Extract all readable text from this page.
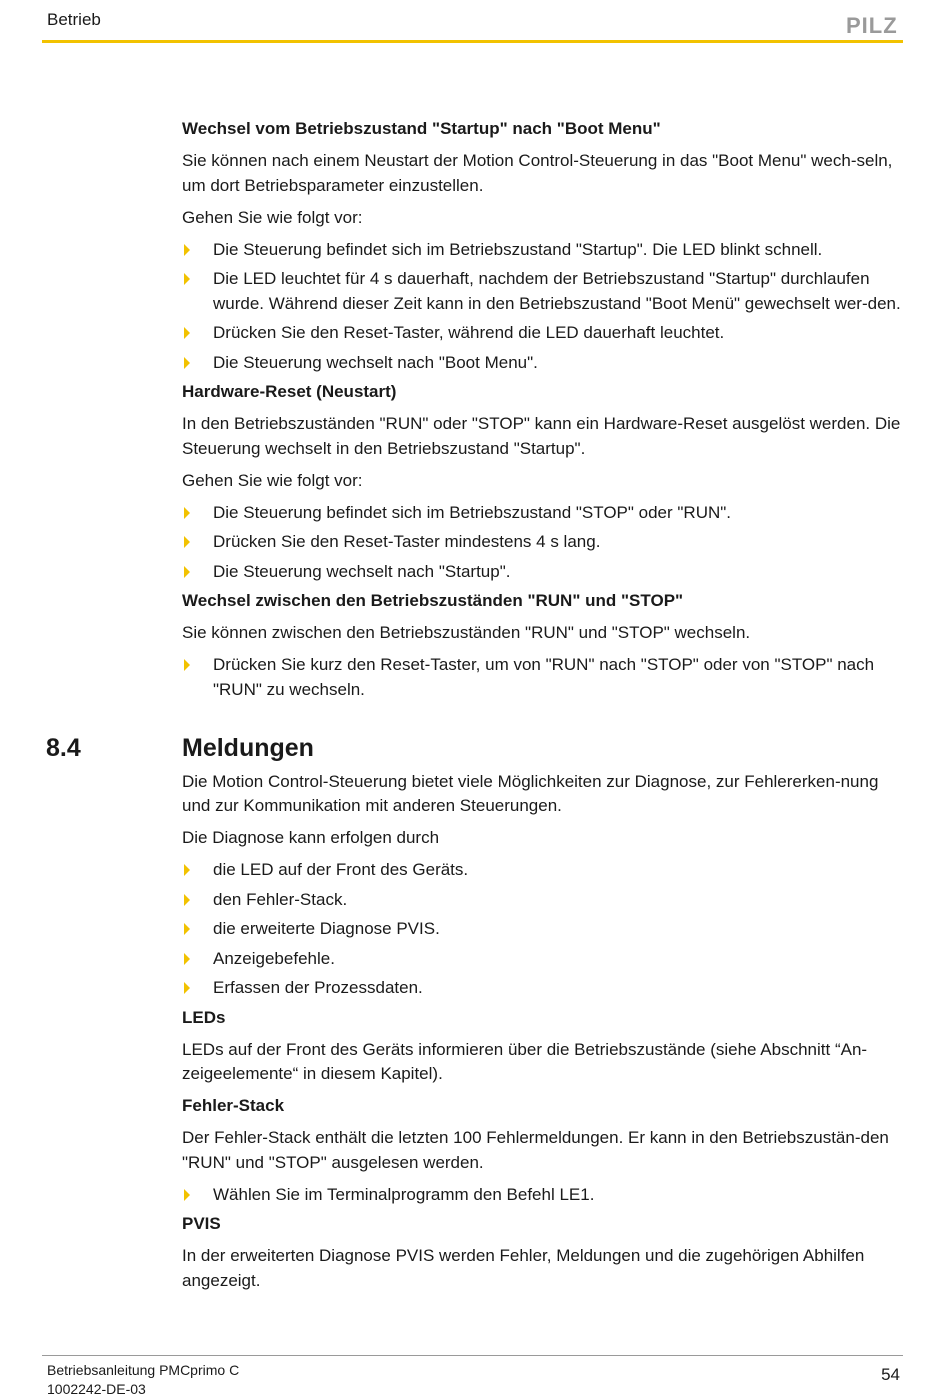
Betrieb	PILZ
Wechsel vom Betriebszustand "Startup" nach "Boot Menu"

Sie können nach einem Neustart der Motion Control-Steuerung in das "Boot Menu" wech-seln, um dort Betriebsparameter einzustellen.

Gehen Sie wie folgt vor:

Die Steuerung befindet sich im Betriebszustand "Startup". Die LED blinkt schnell.
Die LED leuchtet für 4 s dauerhaft, nachdem der Betriebszustand "Startup" durchlaufen wurde. Während dieser Zeit kann in den Betriebszustand "Boot Menü" gewechselt wer-den.
Drücken Sie den Reset-Taster, während die LED dauerhaft leuchtet.
Die Steuerung wechselt nach "Boot Menu".
Hardware-Reset (Neustart)

In den Betriebszuständen "RUN" oder "STOP" kann ein Hardware-Reset ausgelöst werden. Die Steuerung wechselt in den Betriebszustand "Startup".

Gehen Sie wie folgt vor:

Die Steuerung befindet sich im Betriebszustand "STOP" oder "RUN".
Drücken Sie den Reset-Taster mindestens 4 s lang.
Die Steuerung wechselt nach "Startup".
Wechsel zwischen den Betriebszuständen "RUN" und "STOP"

Sie können zwischen den Betriebszuständen "RUN" und "STOP" wechseln.

Drücken Sie kurz den Reset-Taster, um von "RUN" nach "STOP" oder von "STOP" nach "RUN" zu wechseln.
8.4	Meldungen

Die Motion Control-Steuerung bietet viele Möglichkeiten zur Diagnose, zur Fehlererken-nung und zur Kommunikation mit anderen Steuerungen.

Die Diagnose kann erfolgen durch

die LED auf der Front des Geräts.
den Fehler-Stack.
die erweiterte Diagnose PVIS.
Anzeigebefehle.
Erfassen der Prozessdaten.
LEDs

LEDs auf der Front des Geräts informieren über die Betriebszustände (siehe Abschnitt “An-zeigeelemente“ in diesem Kapitel).

Fehler-Stack

Der Fehler-Stack enthält die letzten 100 Fehlermeldungen. Er kann in den Betriebszustän-den "RUN" und "STOP" ausgelesen werden.

Wählen Sie im Terminalprogramm den Befehl LE1.
PVIS

In der erweiterten Diagnose PVIS werden Fehler, Meldungen und die zugehörigen Abhilfen angezeigt.

Betriebsanleitung PMCprimo C
1002242-DE-03
54
